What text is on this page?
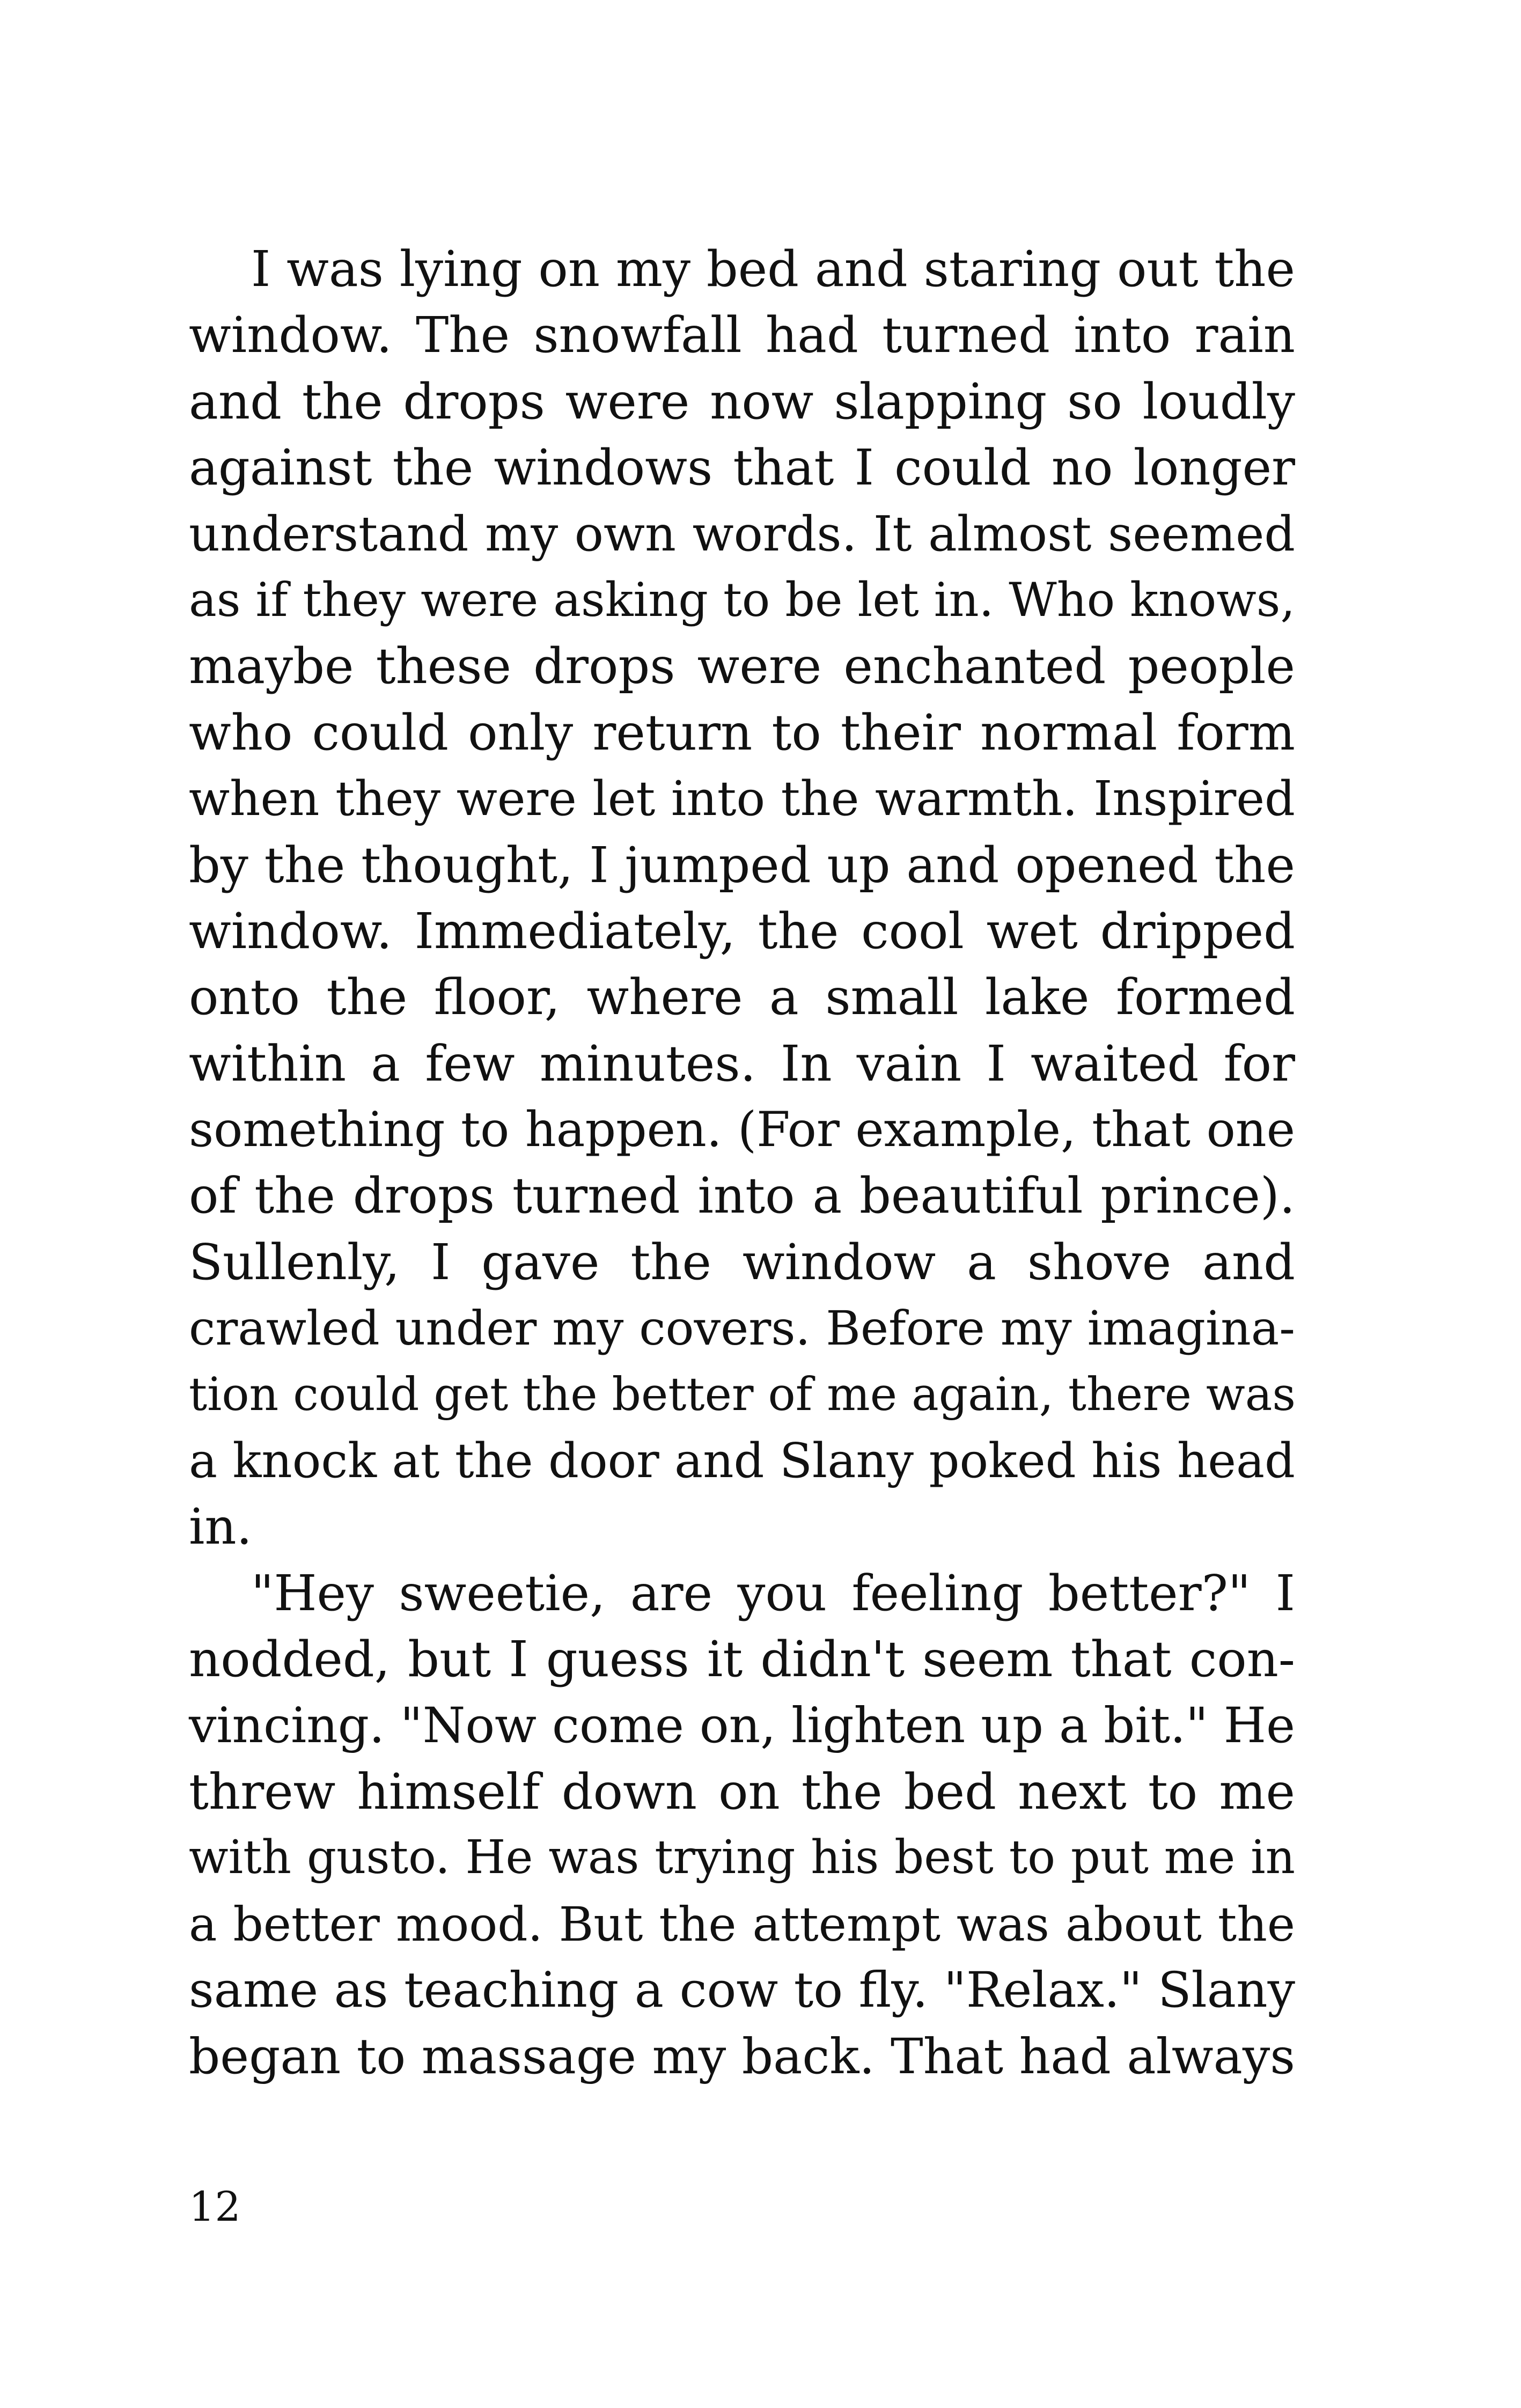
I was lying on my bed and staring out the
window. The snowfall had turned into rain
and the drops were now slapping so loudly
against the windows that I could no longer
understand my own words. It almost seemed
as if they were asking to be let in. Who knows,
maybe these drops were enchanted people
who could only return to their normal form
when they were let into the warmth. Inspired
by the thought, I jumped up and opened the
window. Immediately, the cool wet dripped
onto the floor, where a small lake formed
within a few minutes. In vain I waited for
something to happen. (For example, that one
of the drops turned into a beautiful prince).
Sullenly, I gave the window a shove and
crawled under my covers. Before my imagina-
tion could get the better of me again, there was
a knock at the door and Slany poked his head
in.
"Hey sweetie, are you feeling better?" I
nodded, but I guess it didn't seem that con-
vincing. "Now come on, lighten up a bit." He
threw himself down on the bed next to me
with gusto. He was trying his best to put me in
a better mood. But the attempt was about the
same as teaching a cow to fly. "Relax." Slany
began to massage my back. That had always
12
